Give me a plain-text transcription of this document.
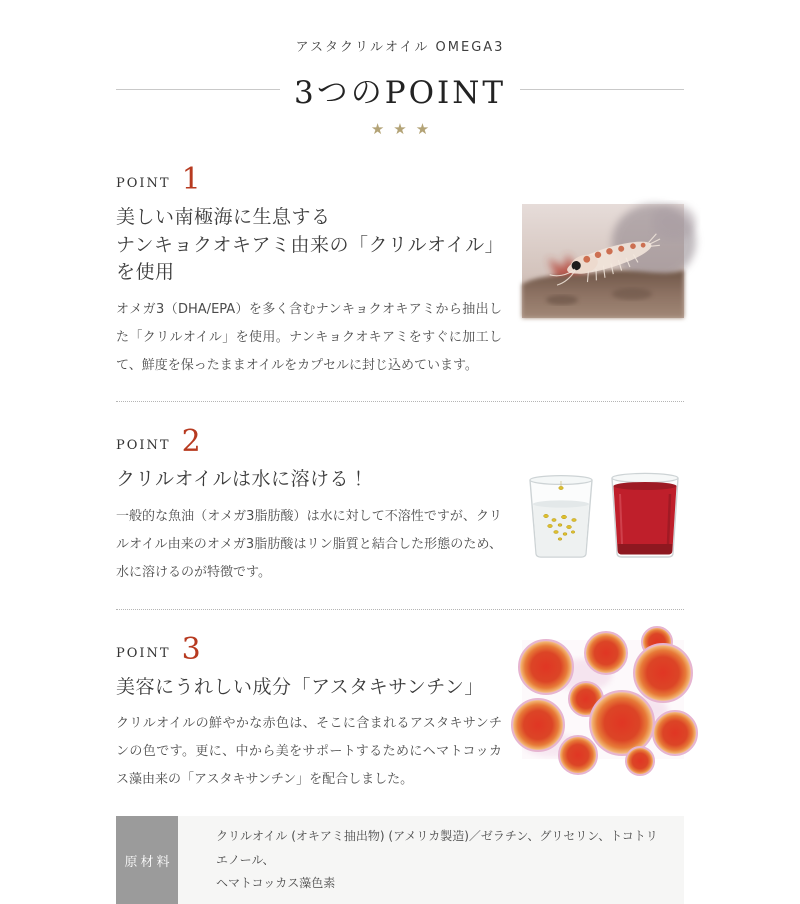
アスタクリルオイル OMEGA3
3つのPOINT
★★★
POINT 1
美しい南極海に生息する
ナンキョクオキアミ由来の「クリルオイル」を使用

オメガ3（DHA/EPA）を多く含むナンキョクオキアミから抽出した「クリルオイル」を使用。ナンキョクオキアミをすぐに加工して、鮮度を保ったままオイルをカプセルに封じ込めています。

POINT 2
クリルオイルは水に溶ける！

一般的な魚油（オメガ3脂肪酸）は水に対して不溶性ですが、クリルオイル由来のオメガ3脂肪酸はリン脂質と結合した形態のため、水に溶けるのが特徴です。

POINT 3
美容にうれしい成分「アスタキサンチン」

クリルオイルの鮮やかな赤色は、そこに含まれるアスタキサンチンの色です。更に、中から美をサポートするためにヘマトコッカス藻由来の「アスタキサンチン」を配合しました。

原材料
クリルオイル (オキアミ抽出物) (アメリカ製造)／ゼラチン、グリセリン、トコトリエノール、
ヘマトコッカス藻色素
